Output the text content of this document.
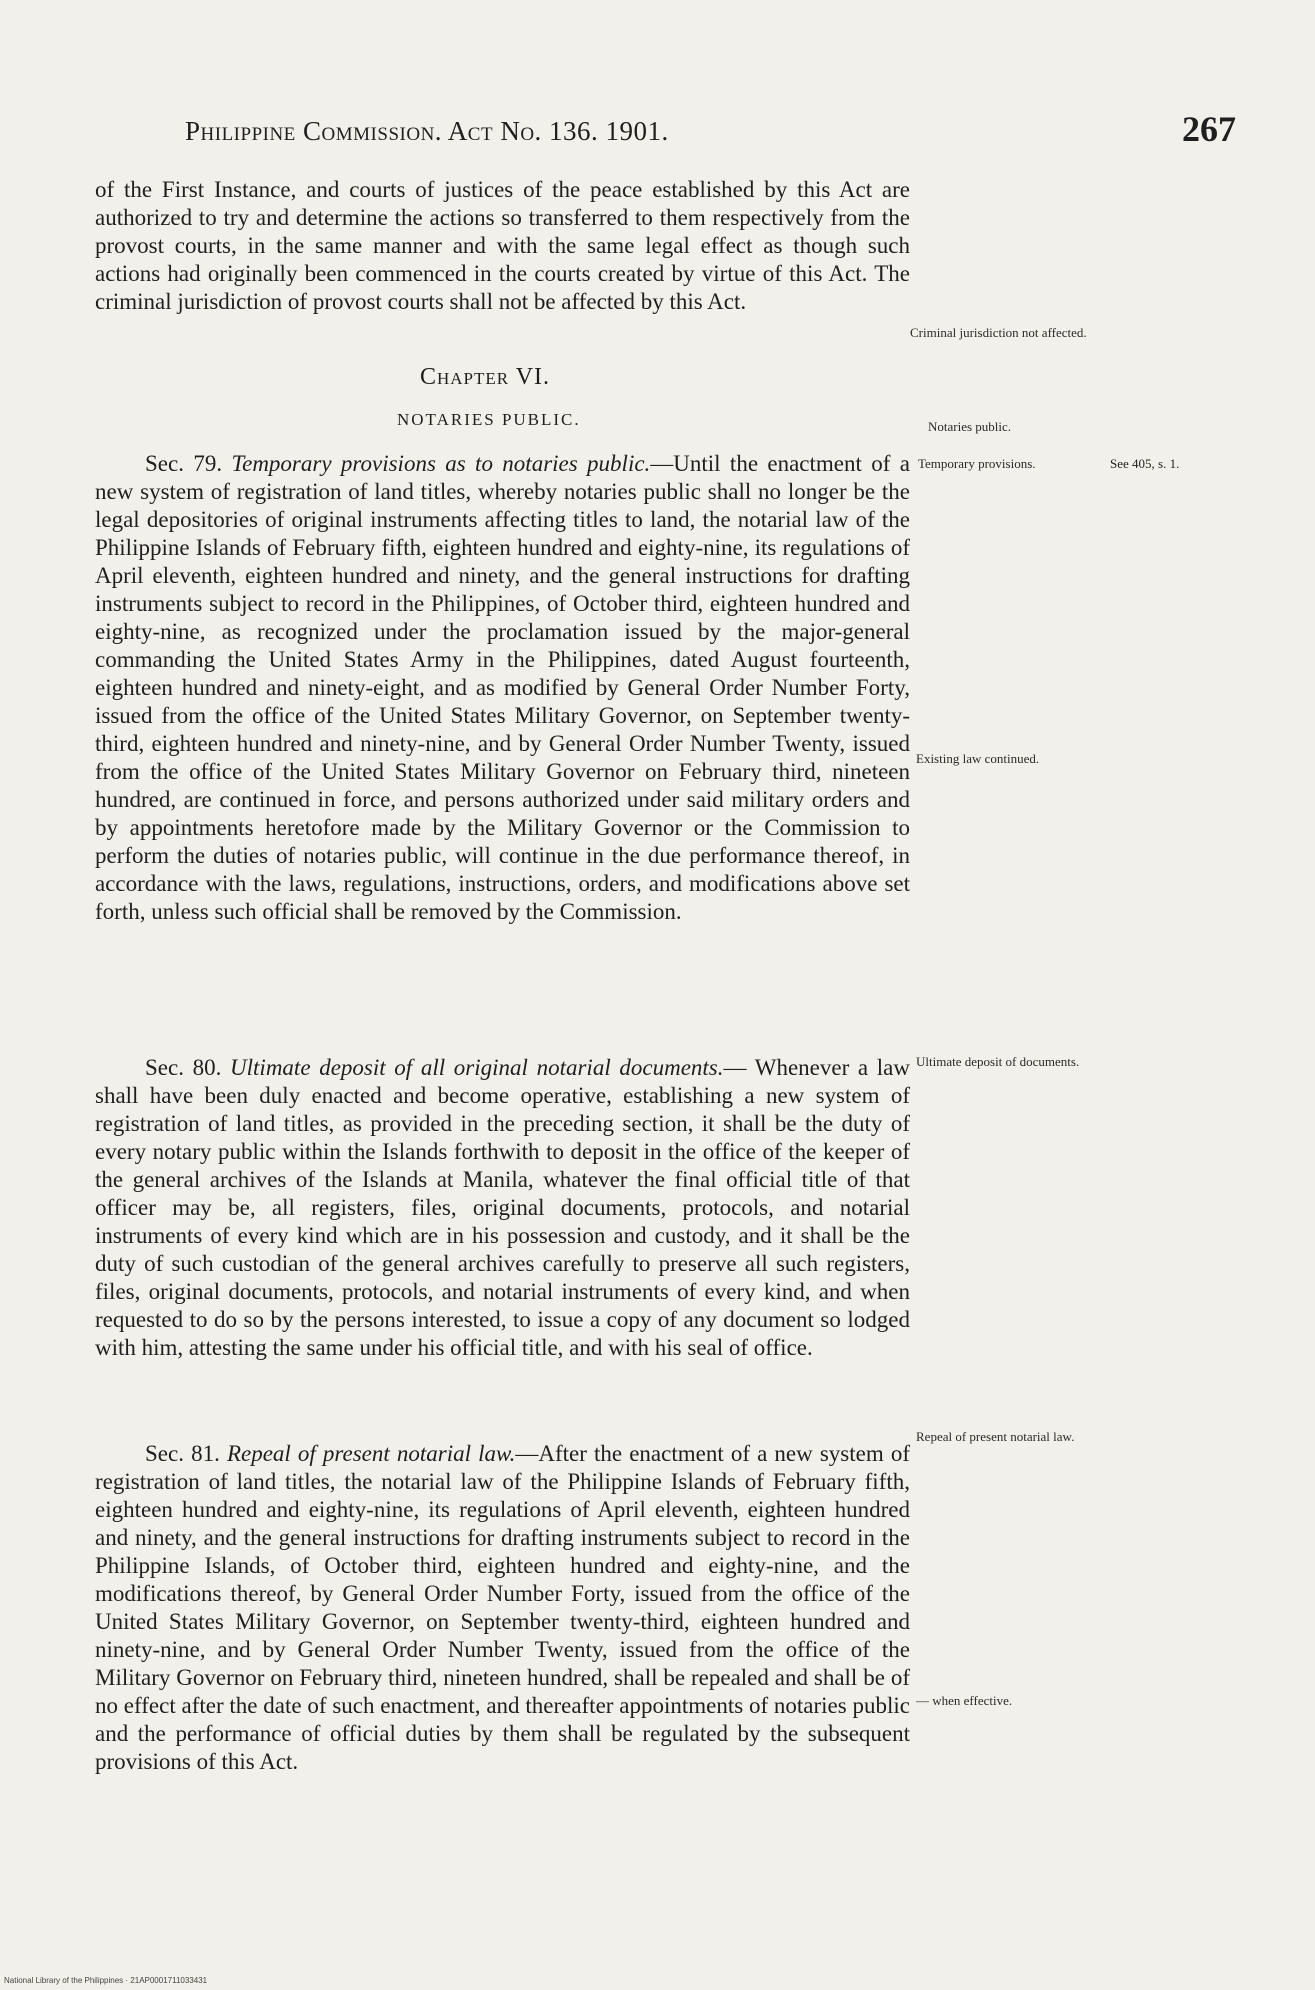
Philippine Commission. Act No. 136. 1901.	267
of the First Instance, and courts of justices of the peace established by this Act are authorized to try and determine the actions so transferred to them respectively from the provost courts, in the same manner and with the same legal effect as though such actions had originally been commenced in the courts created by virtue of this Act. The criminal jurisdiction of provost courts shall not be affected by this Act.
Chapter VI.
NOTARIES PUBLIC.
Sec. 79. Temporary provisions as to notaries public.—Until the enactment of a new system of registration of land titles, whereby notaries public shall no longer be the legal depositories of original instruments affecting titles to land, the notarial law of the Philippine Islands of February fifth, eighteen hundred and eighty-nine, its regulations of April eleventh, eighteen hundred and ninety, and the general instructions for drafting instruments subject to record in the Philippines, of October third, eighteen hundred and eighty-nine, as recognized under the proclamation issued by the major-general commanding the United States Army in the Philippines, dated August fourteenth, eighteen hundred and ninety-eight, and as modified by General Order Number Forty, issued from the office of the United States Military Governor, on September twenty-third, eighteen hundred and ninety-nine, and by General Order Number Twenty, issued from the office of the United States Military Governor on February third, nineteen hundred, are continued in force, and persons authorized under said military orders and by appointments heretofore made by the Military Governor or the Commission to perform the duties of notaries public, will continue in the due performance thereof, in accordance with the laws, regulations, instructions, orders, and modifications above set forth, unless such official shall be removed by the Commission.
Sec. 80. Ultimate deposit of all original notarial documents.— Whenever a law shall have been duly enacted and become operative, establishing a new system of registration of land titles, as provided in the preceding section, it shall be the duty of every notary public within the Islands forthwith to deposit in the office of the keeper of the general archives of the Islands at Manila, whatever the final official title of that officer may be, all registers, files, original documents, protocols, and notarial instruments of every kind which are in his possession and custody, and it shall be the duty of such custodian of the general archives carefully to preserve all such registers, files, original documents, protocols, and notarial instruments of every kind, and when requested to do so by the persons interested, to issue a copy of any document so lodged with him, attesting the same under his official title, and with his seal of office.
Sec. 81. Repeal of present notarial law.—After the enactment of a new system of registration of land titles, the notarial law of the Philippine Islands of February fifth, eighteen hundred and eighty-nine, its regulations of April eleventh, eighteen hundred and ninety, and the general instructions for drafting instruments subject to record in the Philippine Islands, of October third, eighteen hundred and eighty-nine, and the modifications thereof, by General Order Number Forty, issued from the office of the United States Military Governor, on September twenty-third, eighteen hundred and ninety-nine, and by General Order Number Twenty, issued from the office of the Military Governor on February third, nineteen hundred, shall be repealed and shall be of no effect after the date of such enactment, and thereafter appointments of notaries public and the performance of official duties by them shall be regulated by the subsequent provisions of this Act.
Criminal jurisdiction not affected.
Notaries public.
Temporary provisions.	See 405, s. 1.
Existing law continued.
Ultimate deposit of documents.
Repeal of present notarial law.
— when effective.
National Library of the Philippines · 21AP0001711033431
